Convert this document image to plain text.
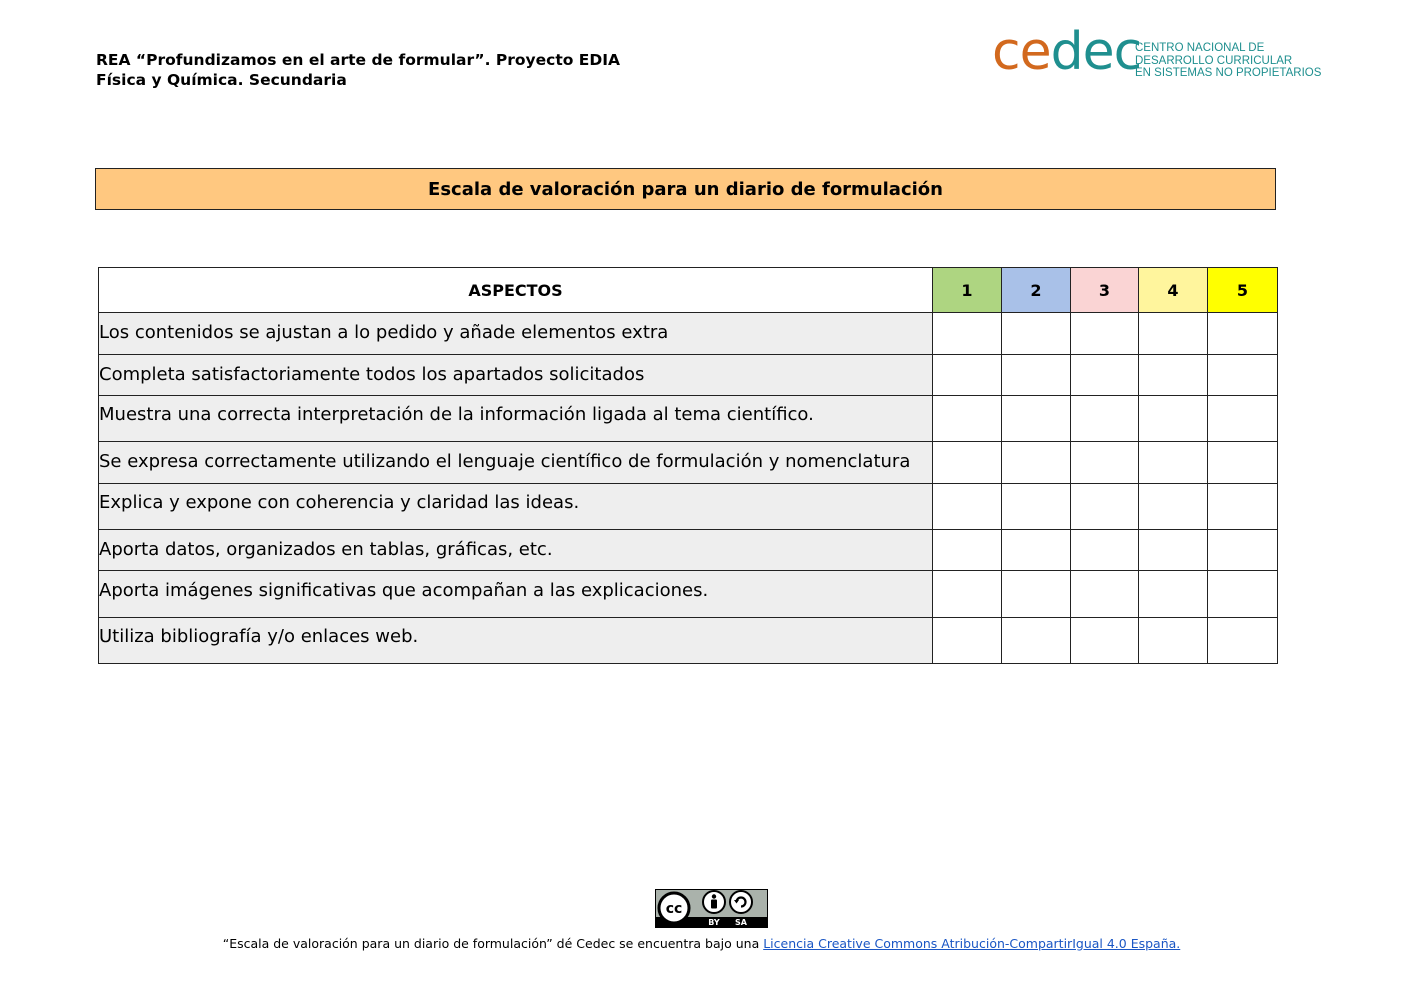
REA “Profundizamos en el arte de formular”. Proyecto EDIA
Física y Química. Secundaria	cedec
CENTRO NACIONAL DE
DESARROLLO CURRICULAR
EN SISTEMAS NO PROPIETARIOS
Escala de valoración para un diario de formulación
ASPECTOS	1	2	3	4	5
Los contenidos se ajustan a lo pedido y añade elementos extra					
Completa satisfactoriamente todos los apartados solicitados					
Muestra una correcta interpretación de la información ligada al tema científico.					
Se expresa correctamente utilizando el lenguaje científico de formulación y nomenclatura					
Explica y expone con coherencia y claridad las ideas.					
Aporta datos, organizados en tablas, gráficas, etc.					
Aporta imágenes significativas que acompañan a las explicaciones.					
Utiliza bibliografía y/o enlaces web.					
cc
BY SA
“Escala de valoración para un diario de formulación” dé Cedec se encuentra bajo una Licencia Creative Commons Atribución-CompartirIgual 4.0 España.
